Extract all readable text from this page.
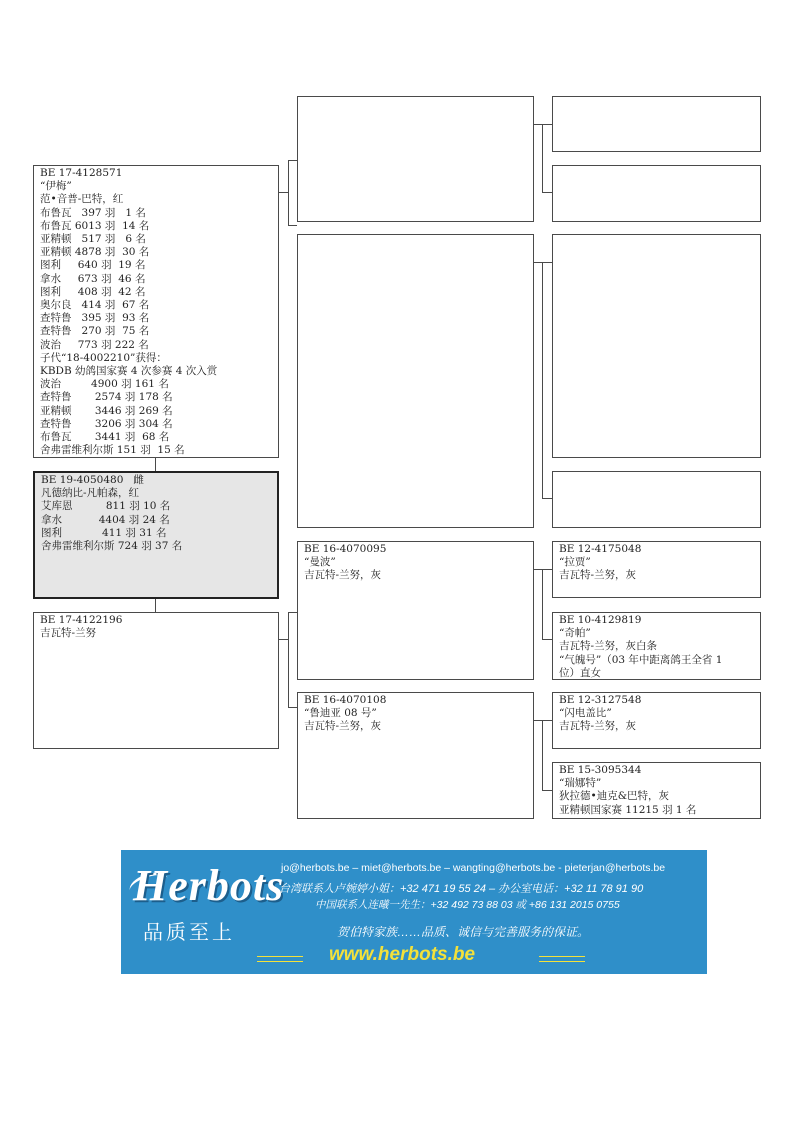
BE 17-4128571
“伊梅”
范•音普-巴特，红
布鲁瓦   397 羽   1 名
布鲁瓦 6013 羽  14 名
亚精顿   517 羽   6 名
亚精顿 4878 羽  30 名
图利     640 羽  19 名
拿水     673 羽  46 名
图利     408 羽  42 名
奥尔良   414 羽  67 名
查特鲁   395 羽  93 名
查特鲁   270 羽  75 名
波治     773 羽 222 名
子代“18-4002210”获得：
KBDB 幼鸽国家赛 4 次参赛 4 次入赏
波治         4900 羽 161 名
查特鲁       2574 羽 178 名
亚精顿       3446 羽 269 名
查特鲁       3206 羽 304 名
布鲁瓦       3441 羽  68 名
舍弗雷维利尔斯 151 羽  15 名
BE 19-4050480   雌
凡德纳比-凡帕森，红
艾库恩          811 羽 10 名
拿水           4404 羽 24 名
图利            411 羽 31 名
舍弗雷维利尔斯 724 羽 37 名
BE 17-4122196
吉瓦特-兰努
BE 16-4070095
“曼波”
吉瓦特-兰努，灰
BE 16-4070108
“鲁迪亚 08 号”
吉瓦特-兰努，灰
BE 12-4175048
“拉贾”
吉瓦特-兰努，灰
BE 10-4129819
“奇帕”
吉瓦特-兰努，灰白条
“气魄号”（03 年中距离鸽王全省 1
位）直女
BE 12-3127548
“闪电盖比”
吉瓦特-兰努，灰
BE 15-3095344
“瑞娜特”
狄拉德•迪克&巴特，灰
亚精顿国家赛 11215 羽 1 名
Herbots
品质至上
jo@herbots.be – miet@herbots.be – wangting@herbots.be - pieterjan@herbots.be
台湾联系人卢婉婷小姐：+32 471 19 55 24 – 办公室电话：+32 11 78 91 90
中国联系人连曦一先生：+32 492 73 88 03 或 +86 131 2015 0755
贺伯特家族……品质、诚信与完善服务的保证。
www.herbots.be
